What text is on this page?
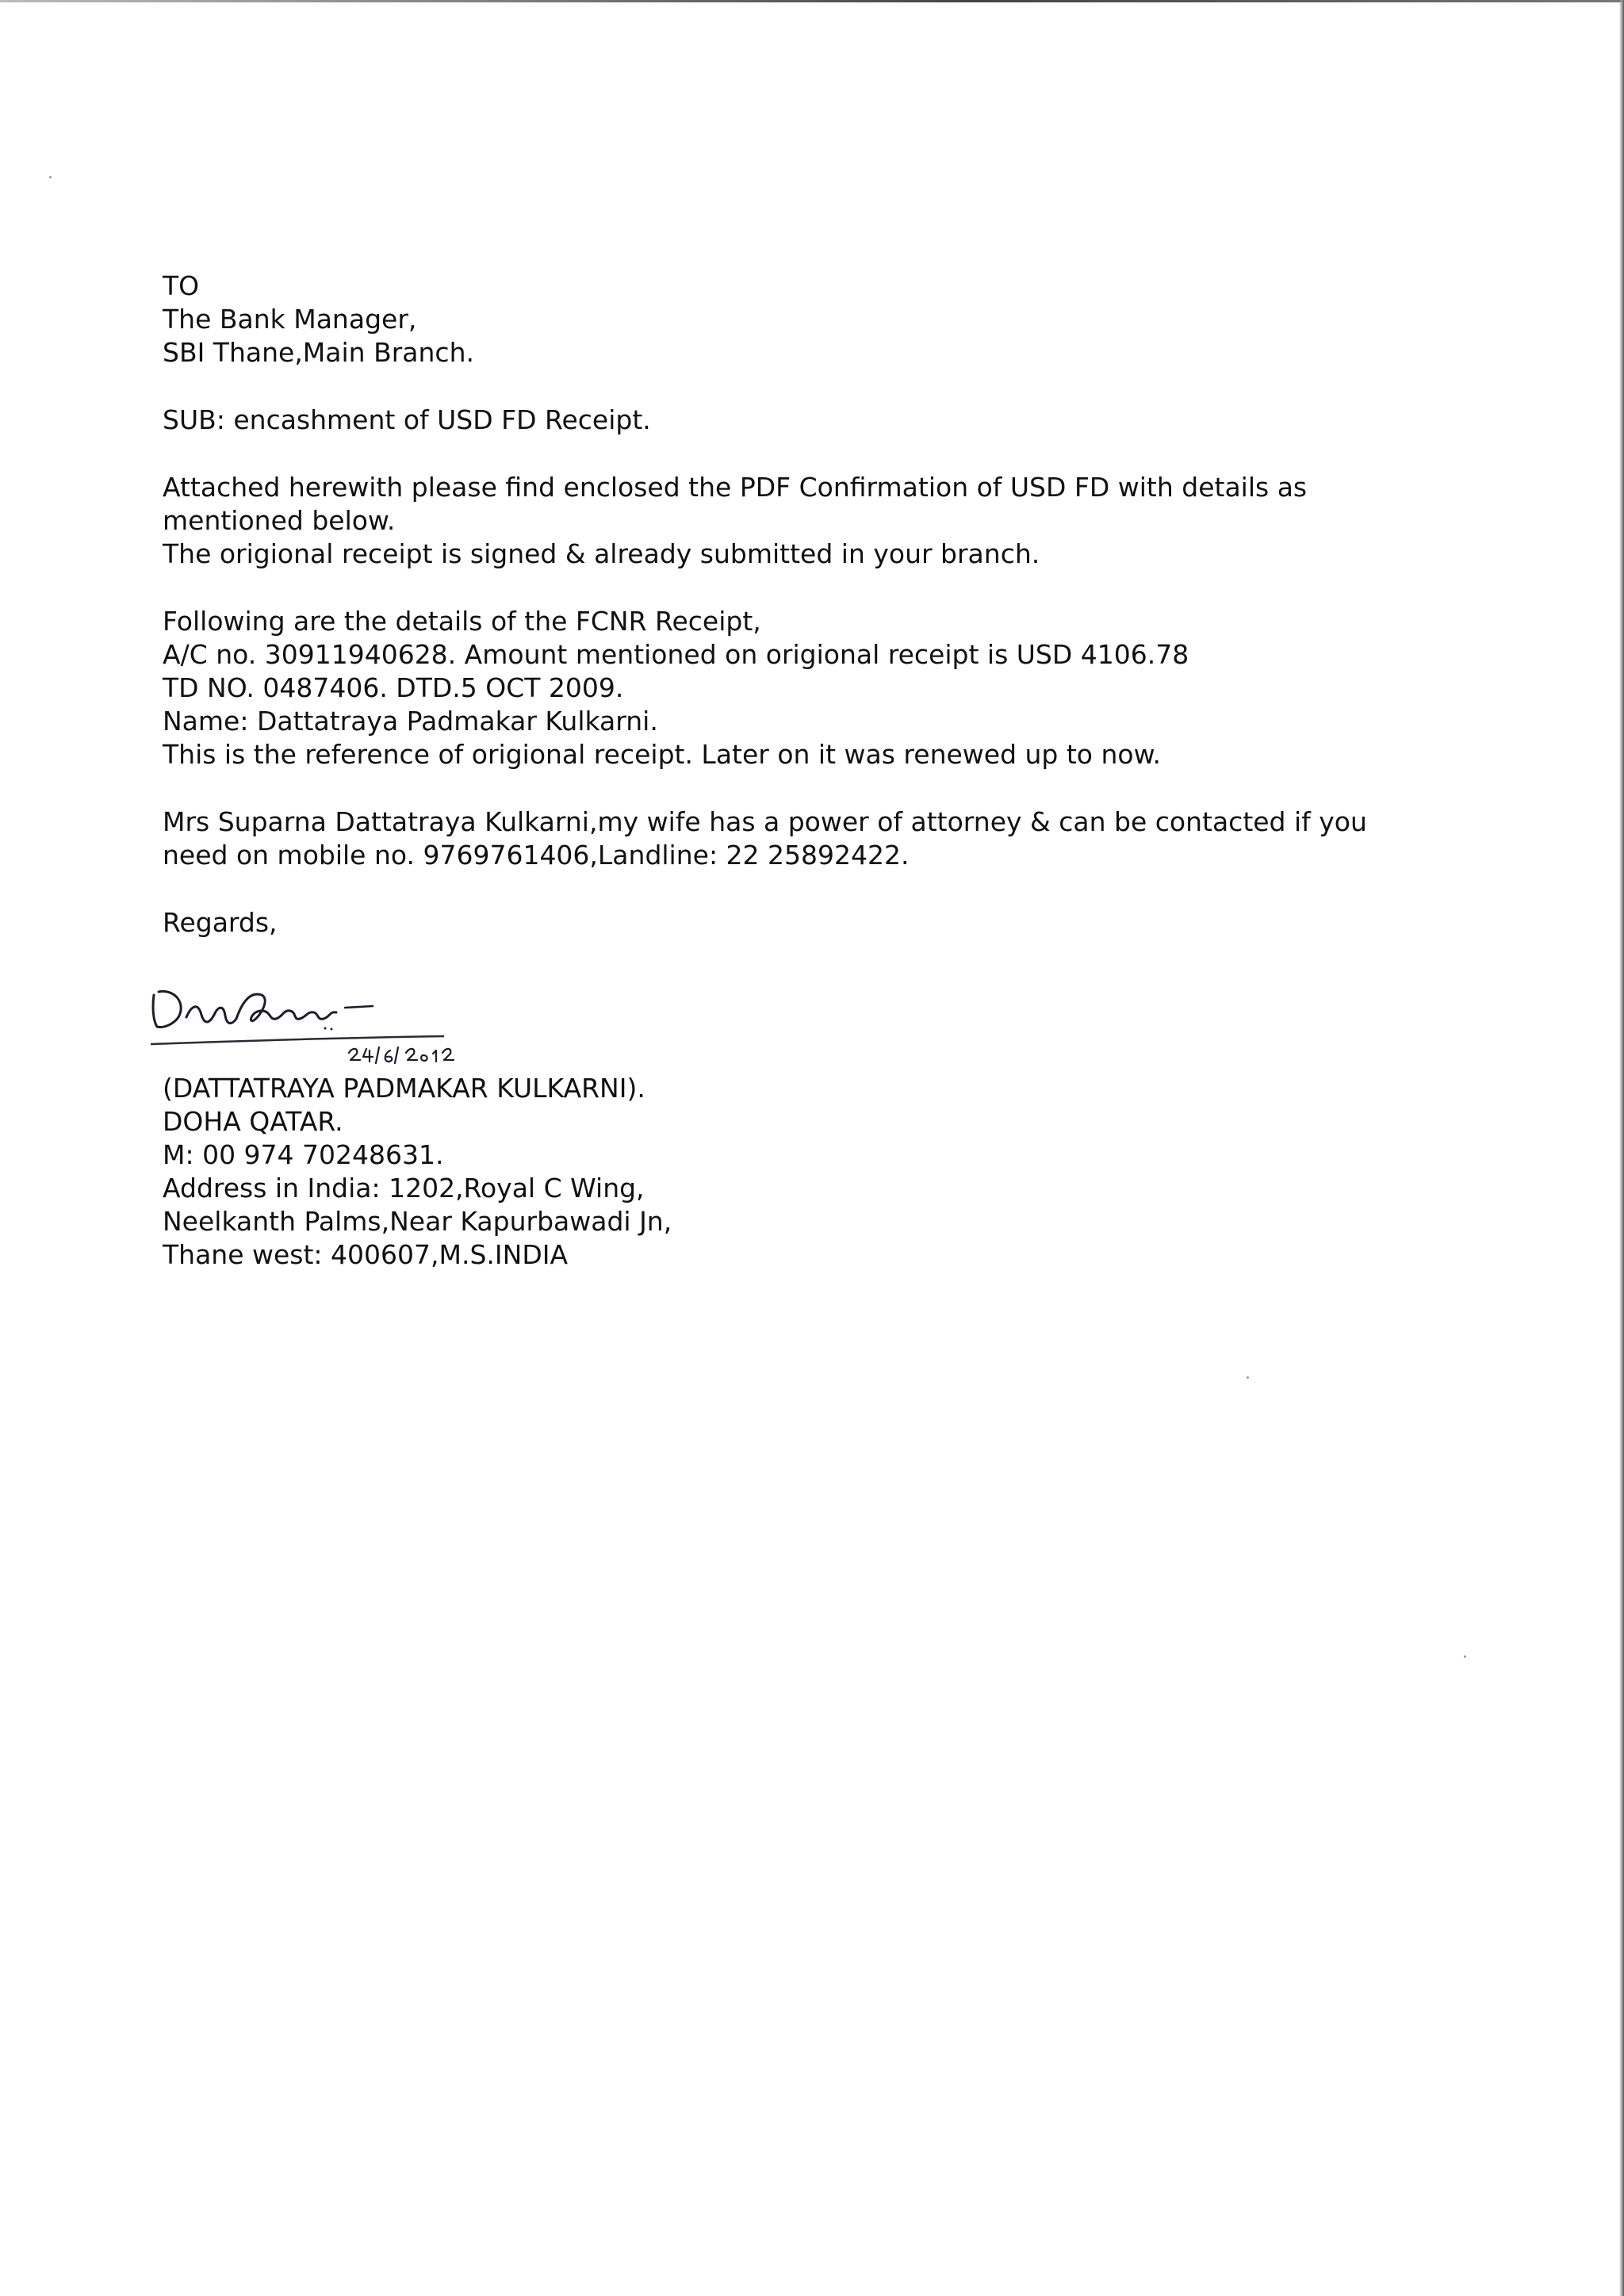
TO
The Bank Manager,
SBI Thane,Main Branch.
SUB: encashment of USD FD Receipt.
Attached herewith please find enclosed the PDF Confirmation of USD FD with details as
mentioned below.
The origional receipt is signed & already submitted in your branch.
Following are the details of the FCNR Receipt,
A/C no. 30911940628. Amount mentioned on origional receipt is USD 4106.78
TD NO. 0487406. DTD.5 OCT 2009.
Name: Dattatraya Padmakar Kulkarni.
This is the reference of origional receipt. Later on it was renewed up to now.
Mrs Suparna Dattatraya Kulkarni,my wife has a power of attorney & can be contacted if you
need on mobile no. 9769761406,Landline: 22 25892422.
Regards,
(DATTATRAYA PADMAKAR KULKARNI).
DOHA QATAR.
M: 00 974 70248631.
Address in India: 1202,Royal C Wing,
Neelkanth Palms,Near Kapurbawadi Jn,
Thane west: 400607,M.S.INDIA
